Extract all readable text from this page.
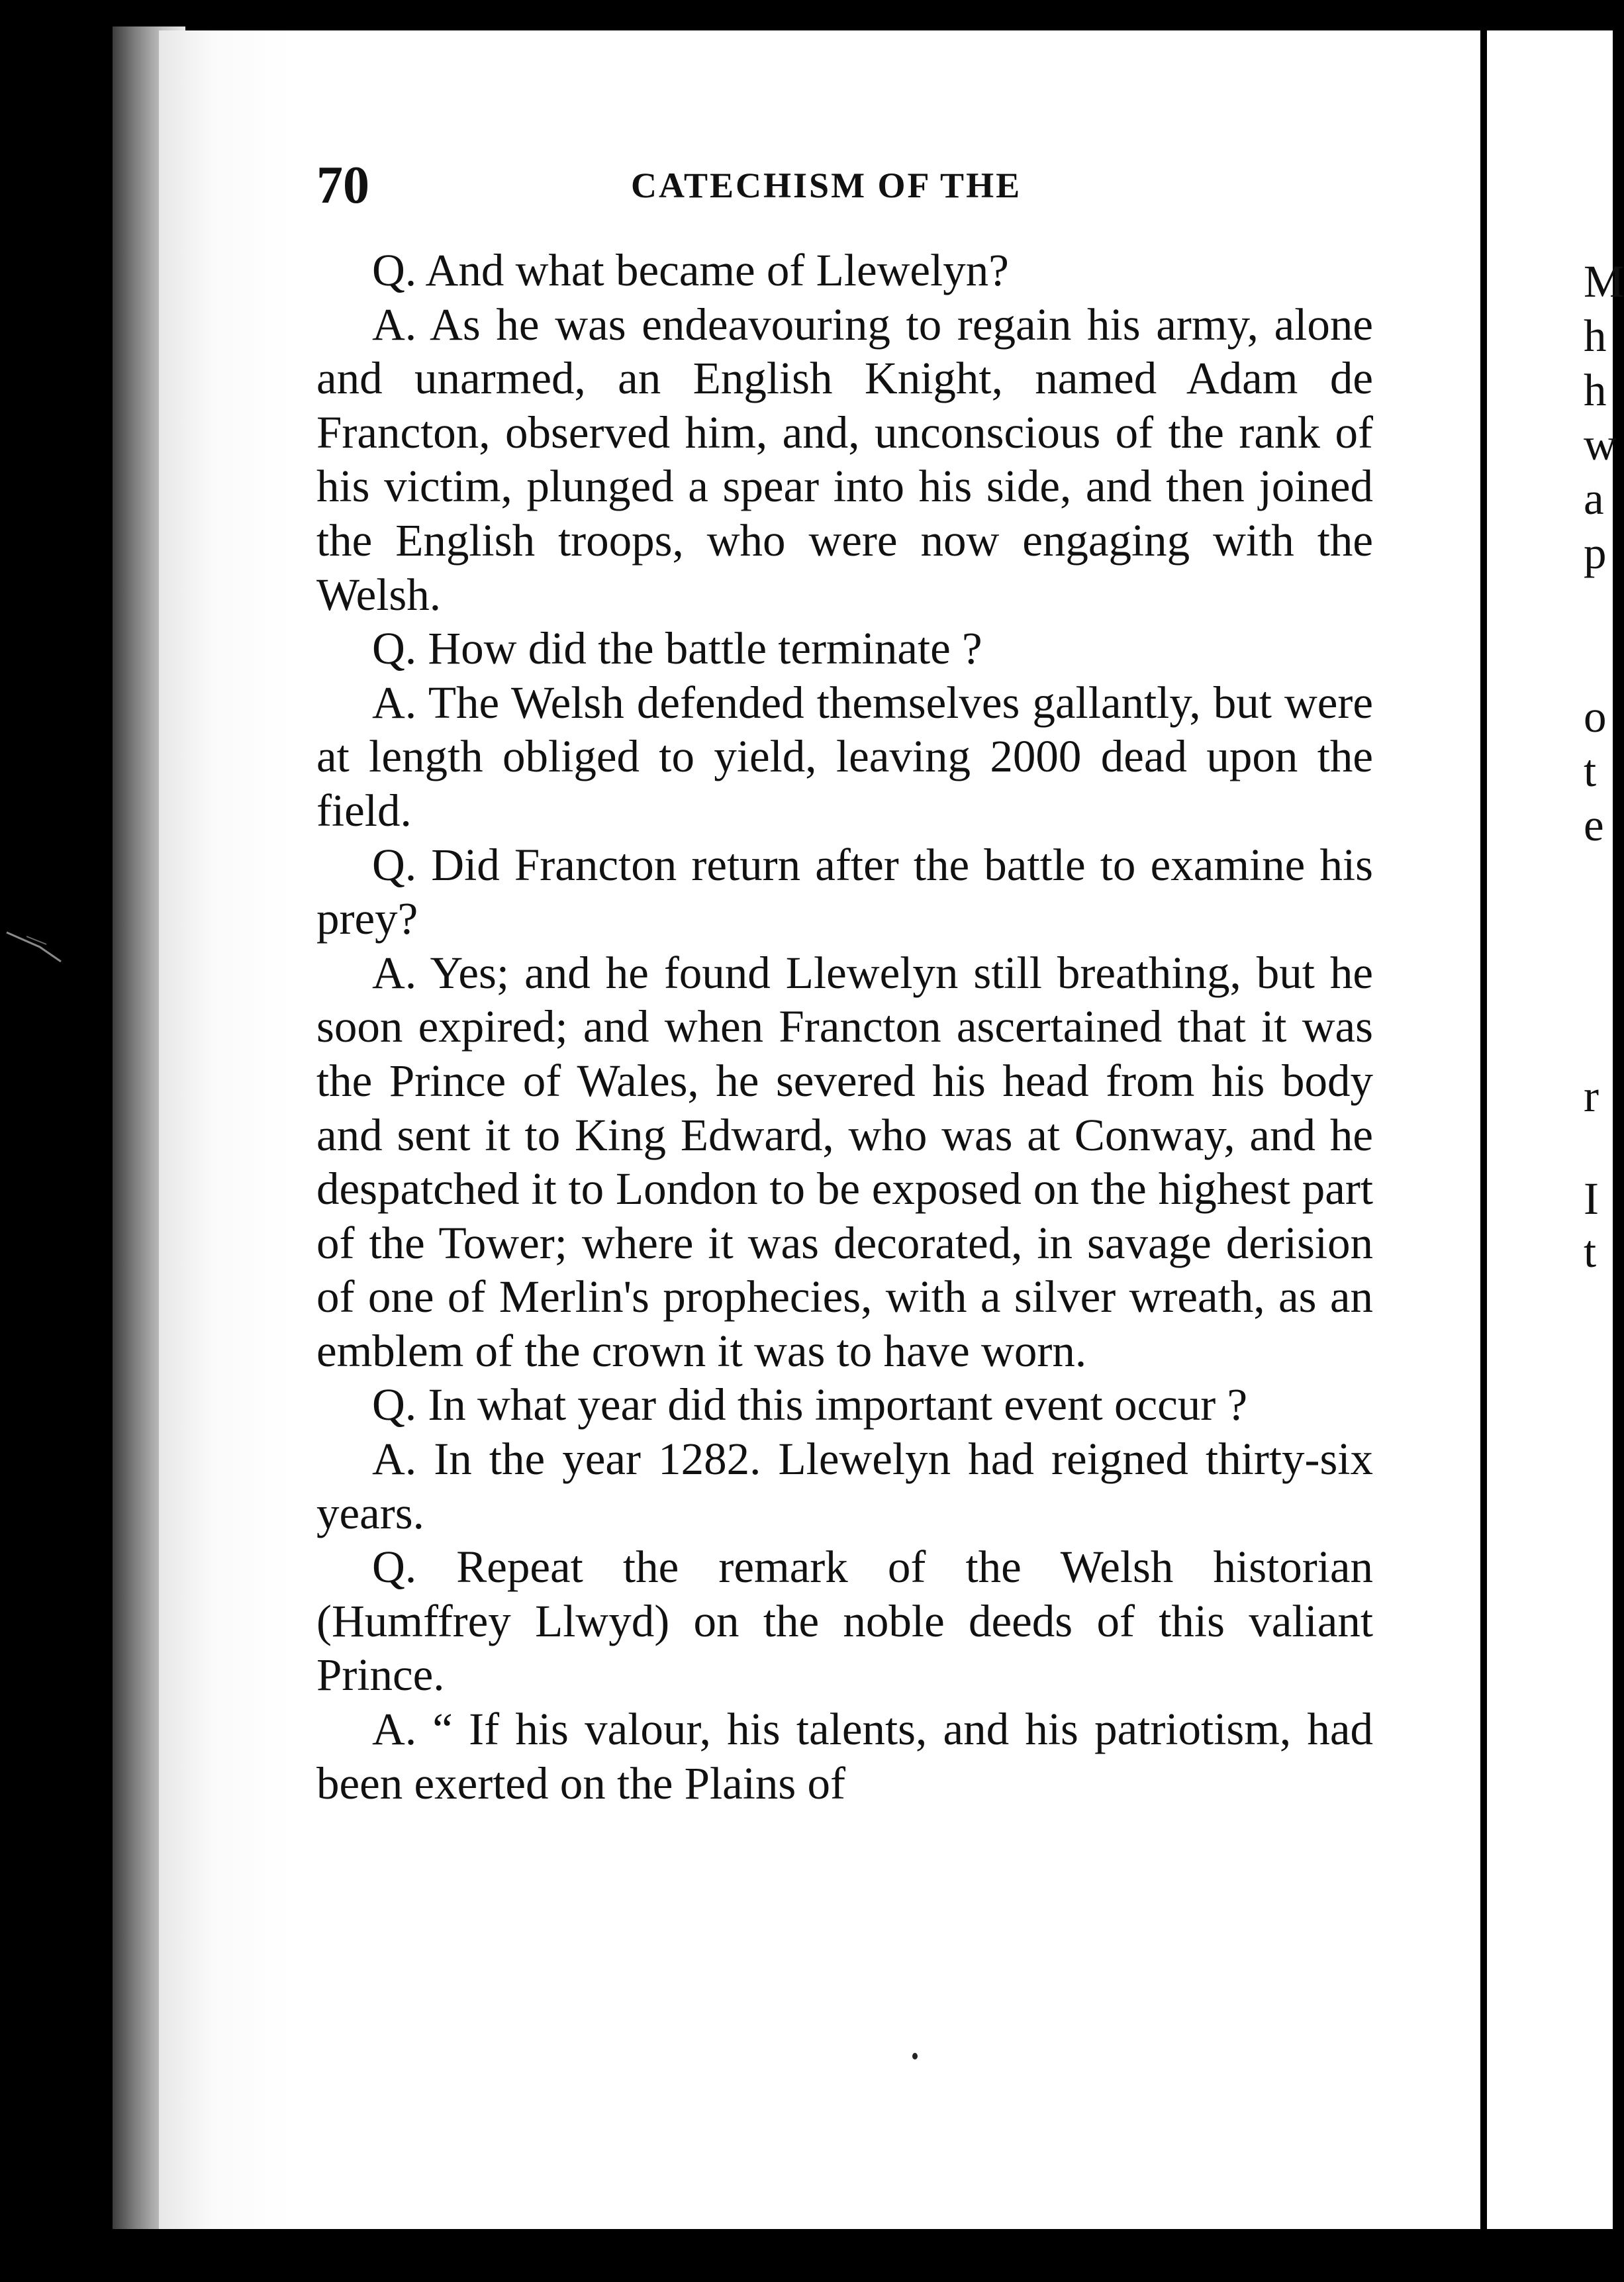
70	CATECHISM OF THE

Q. And what became of Llewelyn?

A. As he was endeavouring to regain his army, alone and unarmed, an English Knight, named Adam de Francton, observed him, and, unconscious of the rank of his victim, plunged a spear into his side, and then joined the English troops, who were now engaging with the Welsh.

Q. How did the battle terminate ?

A. The Welsh defended themselves gallantly, but were at length obliged to yield, leaving 2000 dead upon the field.

Q. Did Francton return after the battle to examine his prey?

A. Yes; and he found Llewelyn still breathing, but he soon expired; and when Francton ascertained that it was the Prince of Wales, he severed his head from his body and sent it to King Edward, who was at Conway, and he despatched it to London to be exposed on the highest part of the Tower; where it was decorated, in savage derision of one of Merlin's prophecies, with a silver wreath, as an emblem of the crown it was to have worn.

Q. In what year did this important event occur ?

A. In the year 1282. Llewelyn had reigned thirty-six years.

Q. Repeat the remark of the Welsh historian (Humffrey Llwyd) on the noble deeds of this valiant Prince.

A. “ If his valour, his talents, and his patriotism, had been exerted on the Plains of

M
h
h
w
a
p
o
t
e
r
I
t
